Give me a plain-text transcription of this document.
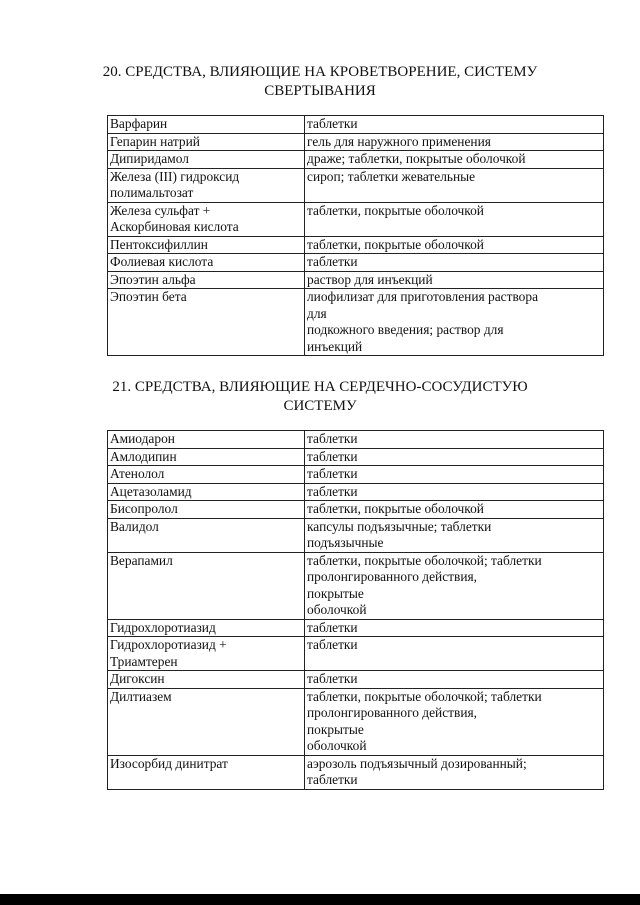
20. СРЕДСТВА, ВЛИЯЮЩИЕ НА КРОВЕТВОРЕНИЕ, СИСТЕМУ
СВЕРТЫВАНИЯ
Варфарин	таблетки
Гепарин натрий	гель для наружного применения
Дипиридамол	драже; таблетки, покрытые оболочкой
Железа (III) гидроксид
полимальтозат	сироп; таблетки жевательные
Железа сульфат +
Аскорбиновая кислота	таблетки, покрытые оболочкой
Пентоксифиллин	таблетки, покрытые оболочкой
Фолиевая кислота	таблетки
Эпоэтин альфа	раствор для инъекций
Эпоэтин бета	лиофилизат для приготовления раствора
для
подкожного введения; раствор для
инъекций
21. СРЕДСТВА, ВЛИЯЮЩИЕ НА СЕРДЕЧНО-СОСУДИСТУЮ
СИСТЕМУ
Амиодарон	таблетки
Амлодипин	таблетки
Атенолол	таблетки
Ацетазоламид	таблетки
Бисопролол	таблетки, покрытые оболочкой
Валидол	капсулы подъязычные; таблетки
подъязычные
Верапамил	таблетки, покрытые оболочкой; таблетки
пролонгированного действия,
покрытые
оболочкой
Гидрохлоротиазид	таблетки
Гидрохлоротиазид +
Триамтерен	таблетки
Дигоксин	таблетки
Дилтиазем	таблетки, покрытые оболочкой; таблетки
пролонгированного действия,
покрытые
оболочкой
Изосорбид динитрат	аэрозоль подъязычный дозированный;
таблетки
